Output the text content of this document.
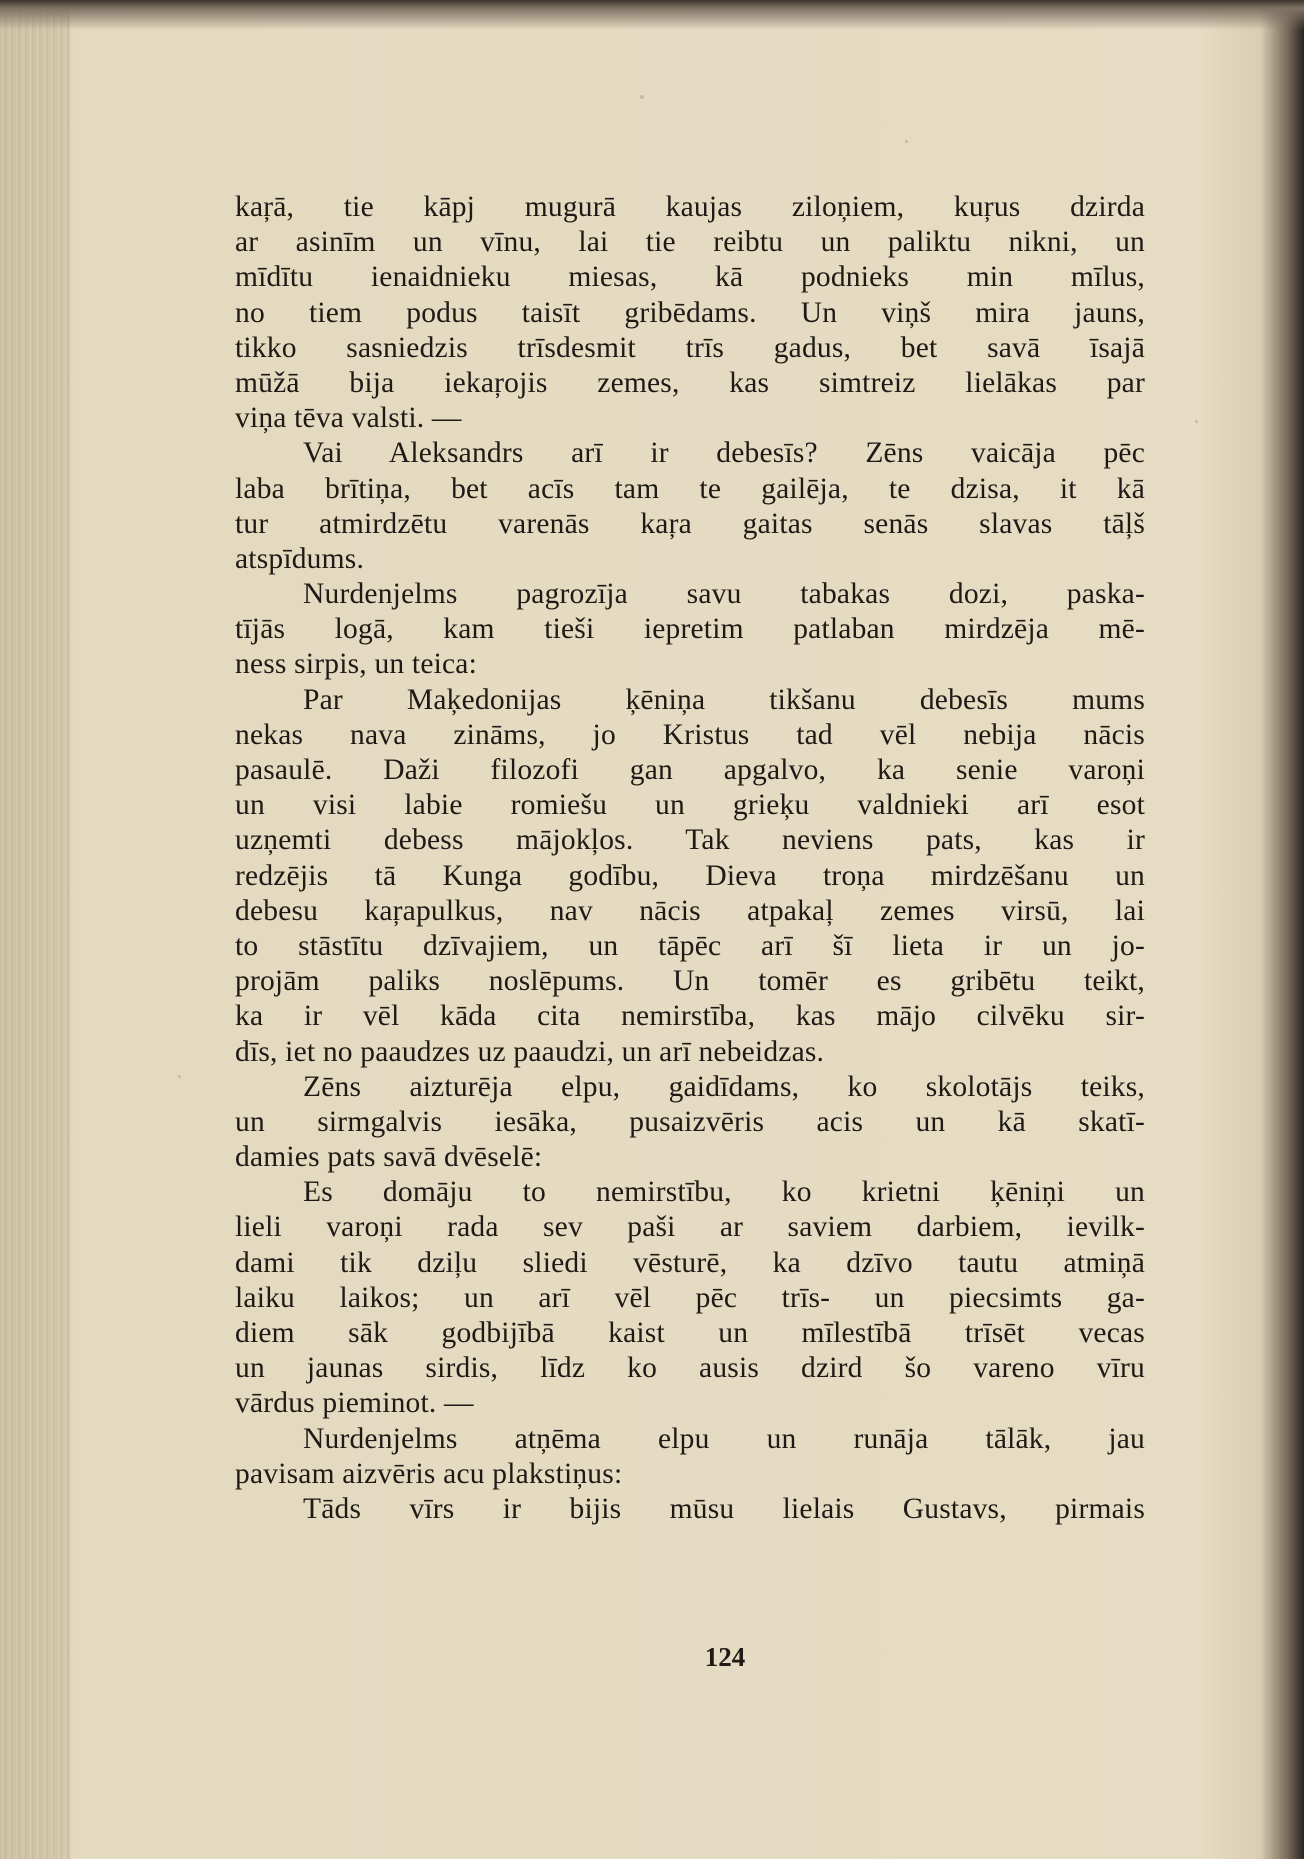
kaŗā, tie kāpj mugurā kaujas ziloņiem, kuŗus dzirda
ar asinīm un vīnu, lai tie reibtu un paliktu nikni, un
mīdītu ienaidnieku miesas, kā podnieks min mīlus,
no tiem podus taisīt gribēdams. Un viņš mira jauns,
tikko sasniedzis trīsdesmit trīs gadus, bet savā īsajā
mūžā bija iekaŗojis zemes, kas simtreiz lielākas par
viņa tēva valsti. —
Vai Aleksandrs arī ir debesīs? Zēns vaicāja pēc
laba brītiņa, bet acīs tam te gailēja, te dzisa, it kā
tur atmirdzētu varenās kaŗa gaitas senās slavas tāļš
atspīdums.
Nurdenjelms pagrozīja savu tabakas dozi, paska-
tījās logā, kam tieši iepretim patlaban mirdzēja mē-
ness sirpis, un teica:
Par Maķedonijas ķēniņa tikšanu debesīs mums
nekas nava zināms, jo Kristus tad vēl nebija nācis
pasaulē. Daži filozofi gan apgalvo, ka senie varoņi
un visi labie romiešu un grieķu valdnieki arī esot
uzņemti debess mājokļos. Tak neviens pats, kas ir
redzējis tā Kunga godību, Dieva troņa mirdzēšanu un
debesu kaŗapulkus, nav nācis atpakaļ zemes virsū, lai
to stāstītu dzīvajiem, un tāpēc arī šī lieta ir un jo-
projām paliks noslēpums. Un tomēr es gribētu teikt,
ka ir vēl kāda cita nemirstība, kas mājo cilvēku sir-
dīs, iet no paaudzes uz paaudzi, un arī nebeidzas.
Zēns aizturēja elpu, gaidīdams, ko skolotājs teiks,
un sirmgalvis iesāka, pusaizvēris acis un kā skatī-
damies pats savā dvēselē:
Es domāju to nemirstību, ko krietni ķēniņi un
lieli varoņi rada sev paši ar saviem darbiem, ievilk-
dami tik dziļu sliedi vēsturē, ka dzīvo tautu atmiņā
laiku laikos; un arī vēl pēc trīs- un piecsimts ga-
diem sāk godbijībā kaist un mīlestībā trīsēt vecas
un jaunas sirdis, līdz ko ausis dzird šo vareno vīru
vārdus pieminot. —
Nurdenjelms atņēma elpu un runāja tālāk, jau
pavisam aizvēris acu plakstiņus:
Tāds vīrs ir bijis mūsu lielais Gustavs, pirmais
124
